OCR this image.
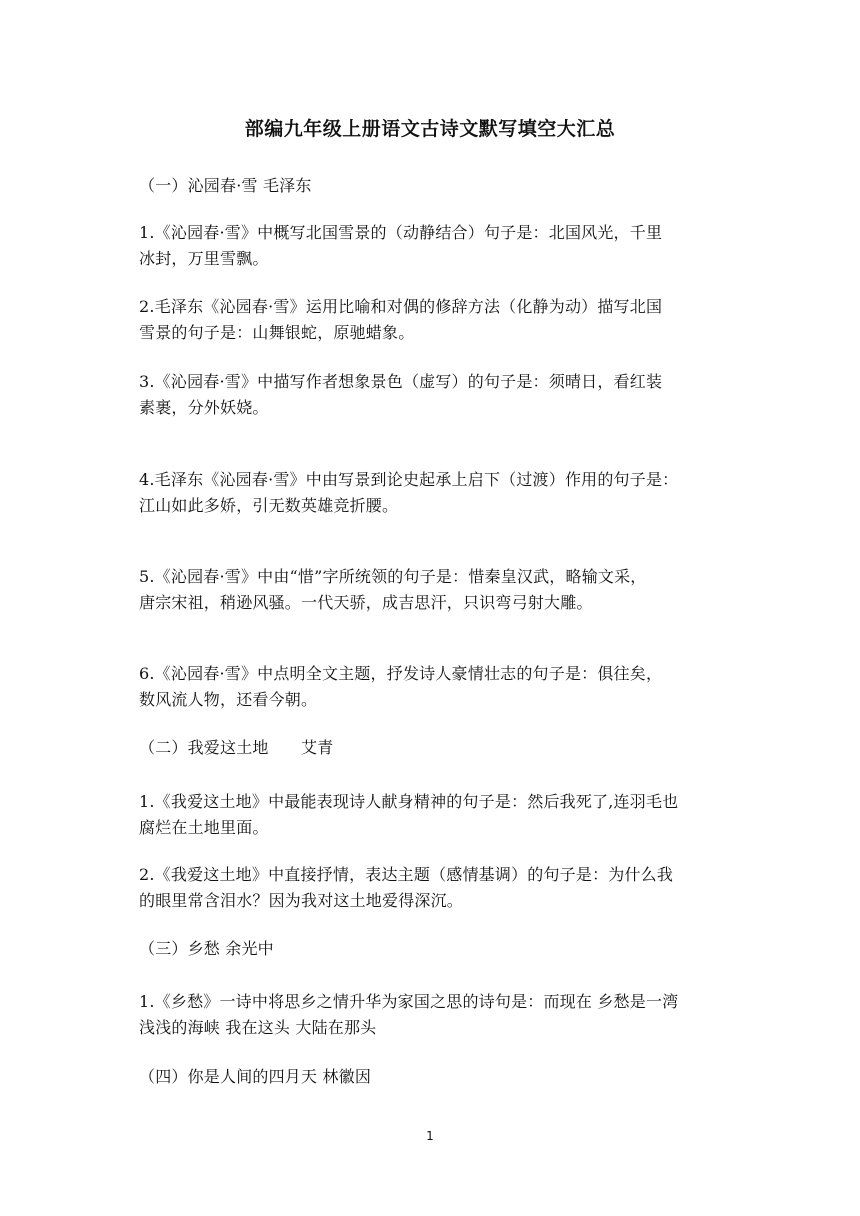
部编九年级上册语文古诗文默写填空大汇总
（一）沁园春·雪 毛泽东
1.《沁园春·雪》中概写北国雪景的（动静结合）句子是：北国风光，千里
冰封，万里雪飘。
2.毛泽东《沁园春·雪》运用比喻和对偶的修辞方法（化静为动）描写北国
雪景的句子是：山舞银蛇，原驰蜡象。
3.《沁园春·雪》中描写作者想象景色（虚写）的句子是：须晴日，看红装
素裹，分外妖娆。
4.毛泽东《沁园春·雪》中由写景到论史起承上启下（过渡）作用的句子是：
江山如此多娇，引无数英雄竞折腰。
5.《沁园春·雪》中由“惜”字所统领的句子是：惜秦皇汉武，略输文采，
唐宗宋祖，稍逊风骚。一代天骄，成吉思汗，只识弯弓射大雕。
6.《沁园春·雪》中点明全文主题，抒发诗人豪情壮志的句子是：俱往矣，
数风流人物，还看今朝。
（二）我爱这土地　　艾青
1.《我爱这土地》中最能表现诗人献身精神的句子是：然后我死了,连羽毛也
腐烂在土地里面。
2.《我爱这土地》中直接抒情，表达主题（感情基调）的句子是：为什么我
的眼里常含泪水？因为我对这土地爱得深沉。
（三）乡愁 余光中
1.《乡愁》一诗中将思乡之情升华为家国之思的诗句是：而现在 乡愁是一湾
浅浅的海峡 我在这头 大陆在那头
（四）你是人间的四月天 林徽因
1
